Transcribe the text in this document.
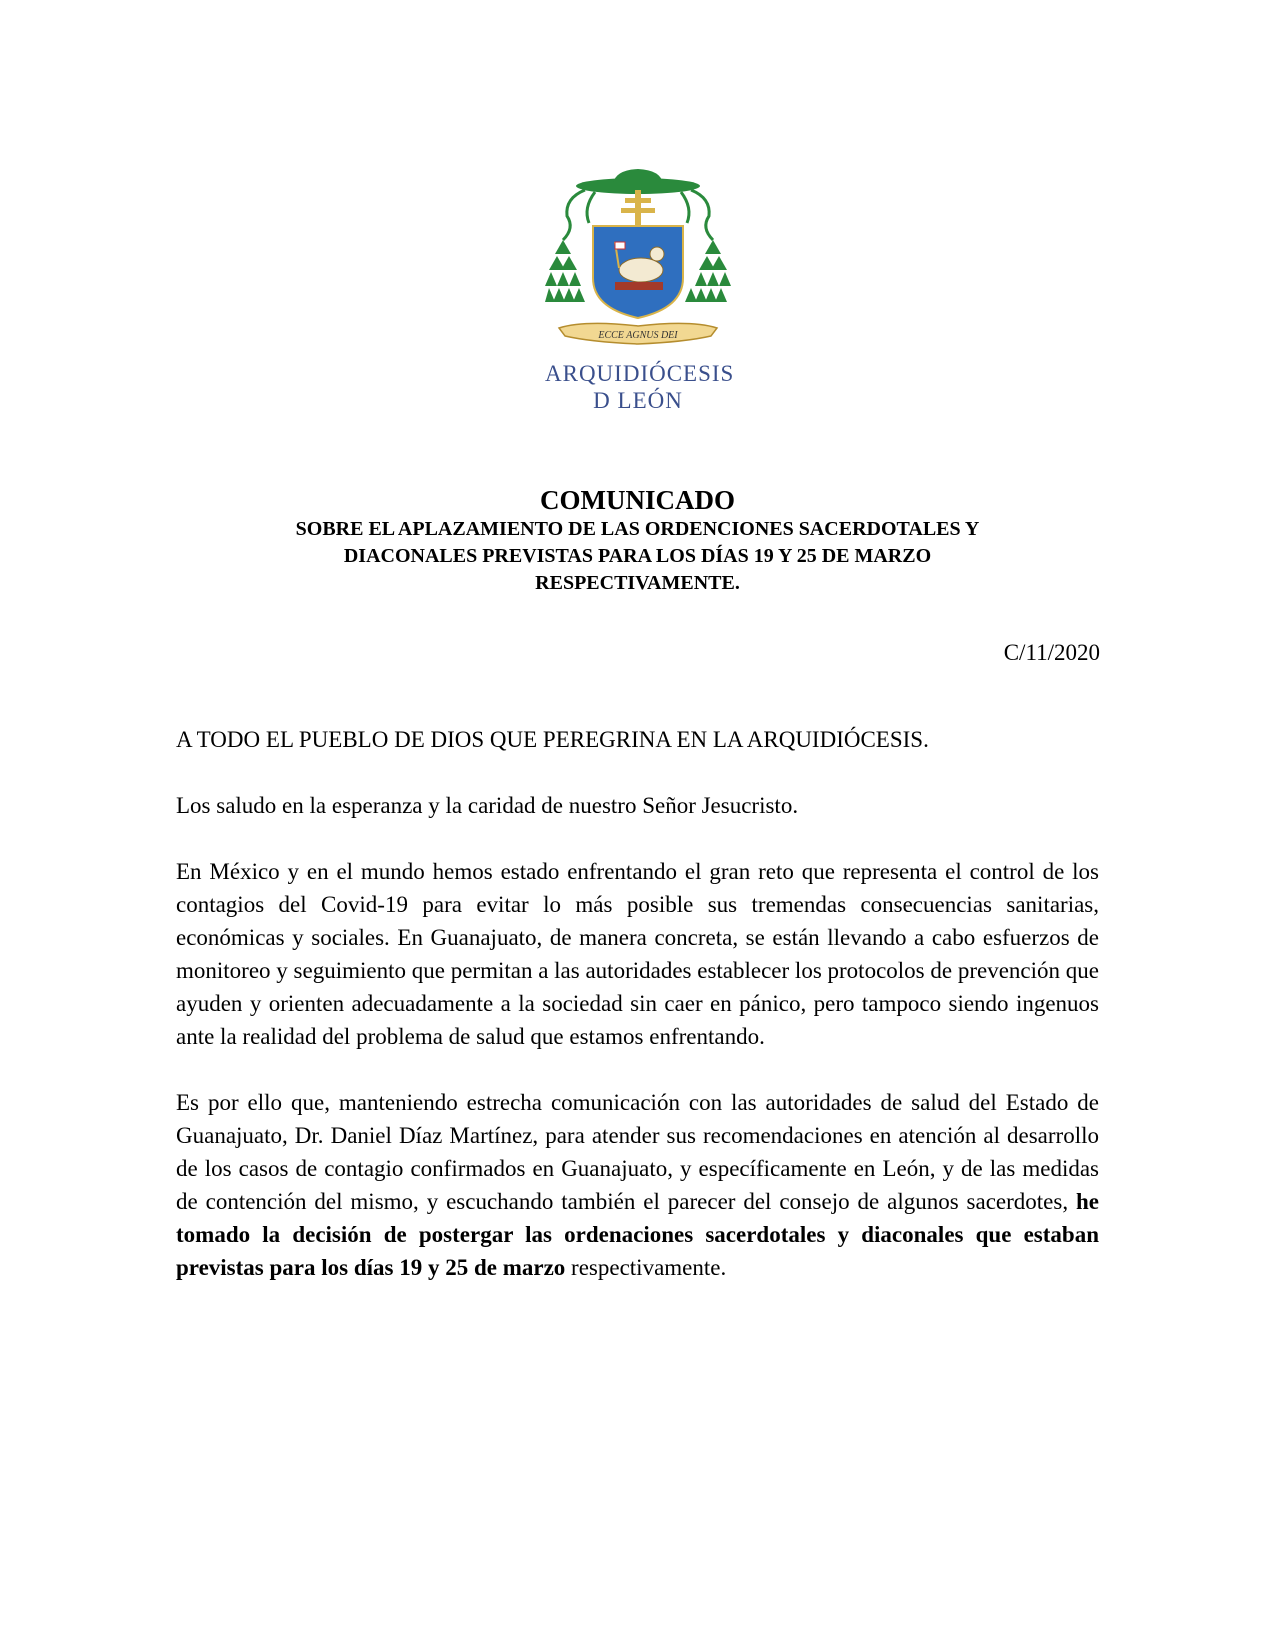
ECCE AGNUS DEI
ARQUIDIÓCESIS
D LEÓN
COMUNICADO
SOBRE EL APLAZAMIENTO DE LAS ORDENCIONES SACERDOTALES Y
DIACONALES PREVISTAS PARA LOS DÍAS 19 Y 25 DE MARZO
RESPECTIVAMENTE.
C/11/2020

A TODO EL PUEBLO DE DIOS QUE PEREGRINA EN LA ARQUIDIÓCESIS.

Los saludo en la esperanza y la caridad de nuestro Señor Jesucristo.

En México y en el mundo hemos estado enfrentando el gran reto que representa el control de los contagios del Covid-19 para evitar lo más posible sus tremendas consecuencias sanitarias, económicas y sociales. En Guanajuato, de manera concreta, se están llevando a cabo esfuerzos de monitoreo y seguimiento que permitan a las autoridades establecer los protocolos de prevención que ayuden y orienten adecuadamente a la sociedad sin caer en pánico, pero tampoco siendo ingenuos ante la realidad del problema de salud que estamos enfrentando.

Es por ello que, manteniendo estrecha comunicación con las autoridades de salud del Estado de Guanajuato, Dr. Daniel Díaz Martínez, para atender sus recomendaciones en atención al desarrollo de los casos de contagio confirmados en Guanajuato, y específicamente en León, y de las medidas de contención del mismo, y escuchando también el parecer del consejo de algunos sacerdotes, he tomado la decisión de postergar las ordenaciones sacerdotales y diaconales que estaban previstas para los días 19 y 25 de marzo respectivamente.
